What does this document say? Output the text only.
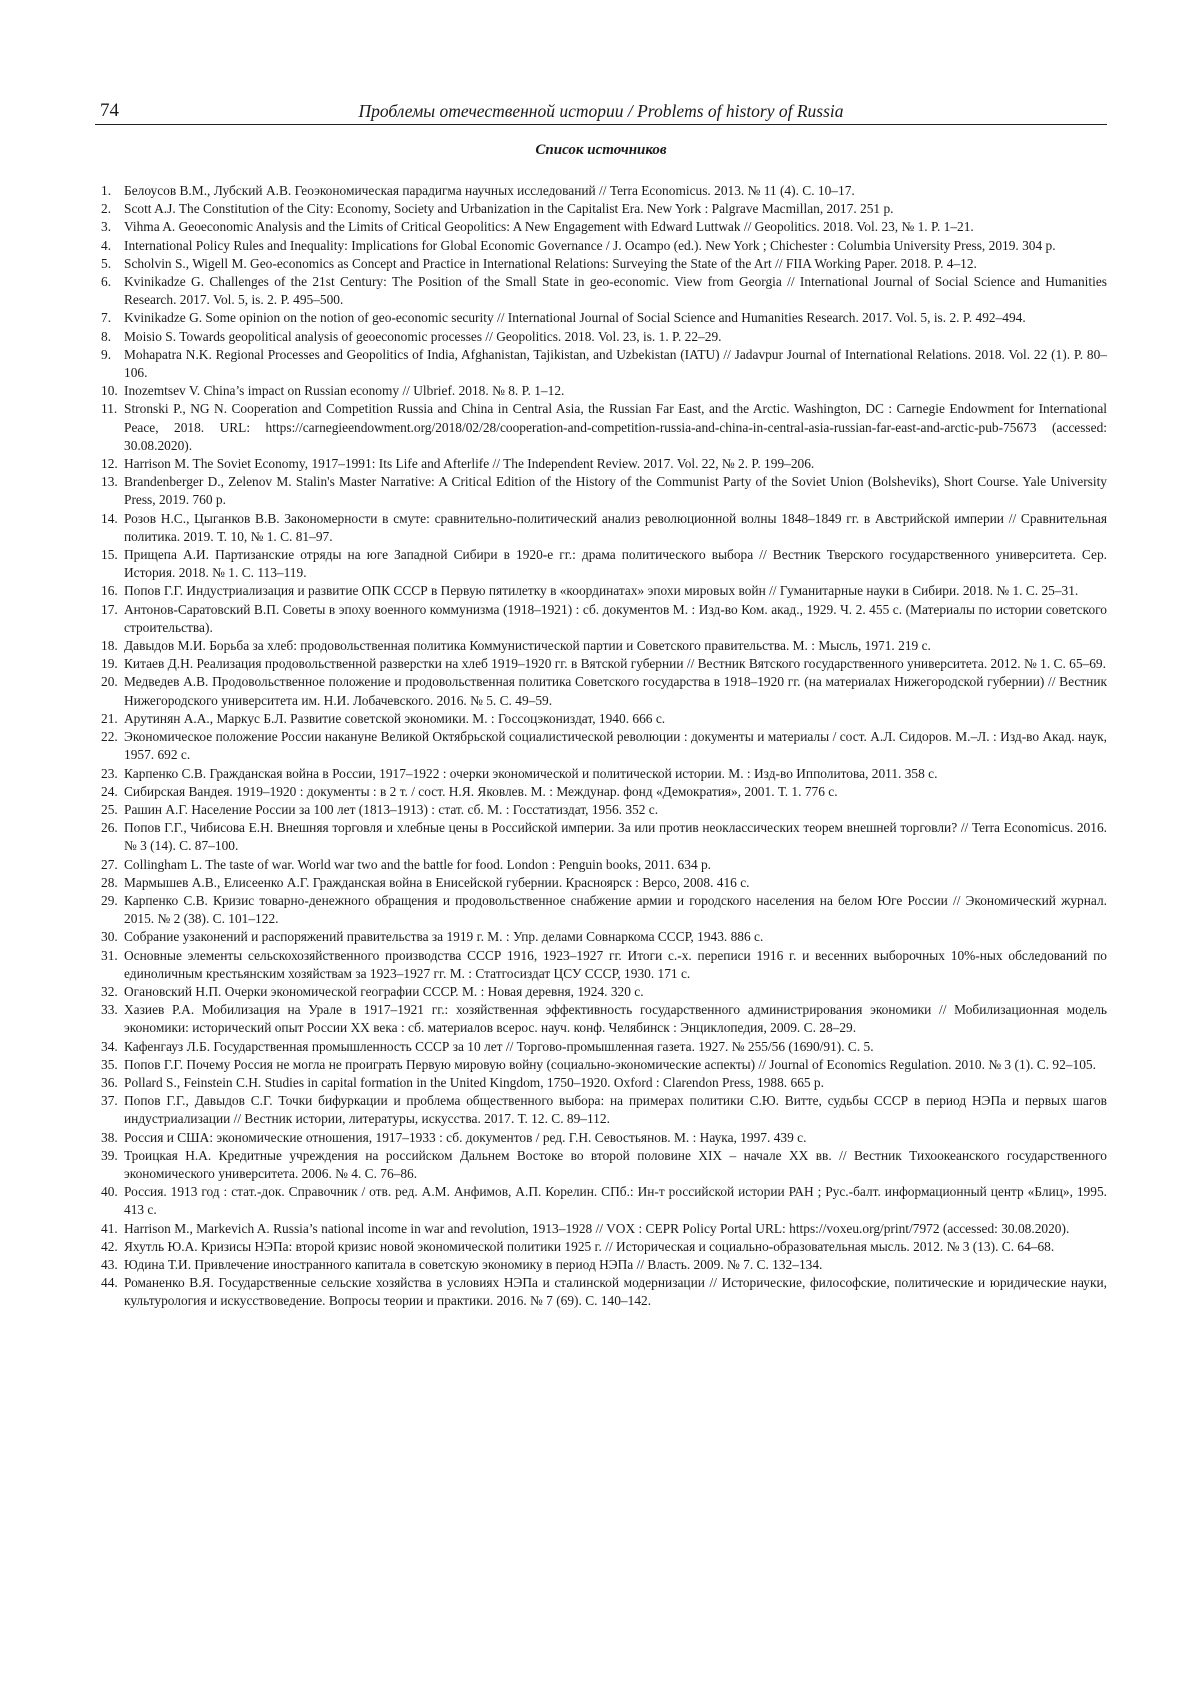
74	Проблемы отечественной истории / Problems of history of Russia
Список источников
1. Белоусов В.М., Лубский А.В. Геоэкономическая парадигма научных исследований // Terra Economicus. 2013. № 11 (4). С. 10–17.
2. Scott A.J. The Constitution of the City: Economy, Society and Urbanization in the Capitalist Era. New York : Palgrave Macmillan, 2017. 251 p.
3. Vihma A. Geoeconomic Analysis and the Limits of Critical Geopolitics: A New Engagement with Edward Luttwak // Geopolitics. 2018. Vol. 23, № 1. P. 1–21.
4. International Policy Rules and Inequality: Implications for Global Economic Governance / J. Ocampo (ed.). New York ; Chichester : Columbia University Press, 2019. 304 p.
5. Scholvin S., Wigell M. Geo-economics as Concept and Practice in International Relations: Surveying the State of the Art // FIIA Working Paper. 2018. P. 4–12.
6. Kvinikadze G. Challenges of the 21st Century: The Position of the Small State in geo-economic. View from Georgia // International Journal of Social Science and Humanities Research. 2017. Vol. 5, is. 2. P. 495–500.
7. Kvinikadze G. Some opinion on the notion of geo-economic security // International Journal of Social Science and Humanities Research. 2017. Vol. 5, is. 2. P. 492–494.
8. Moisio S. Towards geopolitical analysis of geoeconomic processes // Geopolitics. 2018. Vol. 23, is. 1. P. 22–29.
9. Mohapatra N.K. Regional Processes and Geopolitics of India, Afghanistan, Tajikistan, and Uzbekistan (IATU) // Jadavpur Journal of International Relations. 2018. Vol. 22 (1). P. 80–106.
10. Inozemtsev V. China’s impact on Russian economy // Ulbrief. 2018. № 8. P. 1–12.
11. Stronski P., NG N. Cooperation and Competition Russia and China in Central Asia, the Russian Far East, and the Arctic. Washington, DC : Carnegie Endowment for International Peace, 2018. URL: https://carnegieendowment.org/2018/02/28/cooperation-and-competition-russia-and-china-in-central-asia-russian-far-east-and-arctic-pub-75673 (accessed: 30.08.2020).
12. Harrison M. The Soviet Economy, 1917–1991: Its Life and Afterlife // The Independent Review. 2017. Vol. 22, № 2. P. 199–206.
13. Brandenberger D., Zelenov M. Stalin's Master Narrative: A Critical Edition of the History of the Communist Party of the Soviet Union (Bolsheviks), Short Course. Yale University Press, 2019. 760 p.
14. Розов Н.С., Цыганков В.В. Закономерности в смуте: сравнительно-политический анализ революционной волны 1848–1849 гг. в Австрийской империи // Сравнительная политика. 2019. Т. 10, № 1. С. 81–97.
15. Прищепа А.И. Партизанские отряды на юге Западной Сибири в 1920-е гг.: драма политического выбора // Вестник Тверского государственного университета. Сер. История. 2018. № 1. С. 113–119.
16. Попов Г.Г. Индустриализация и развитие ОПК СССР в Первую пятилетку в «координатах» эпохи мировых войн // Гуманитарные науки в Сибири. 2018. № 1. С. 25–31.
17. Антонов-Саратовский В.П. Советы в эпоху военного коммунизма (1918–1921) : сб. документов М. : Изд-во Ком. акад., 1929. Ч. 2. 455 с. (Материалы по истории советского строительства).
18. Давыдов М.И. Борьба за хлеб: продовольственная политика Коммунистической партии и Советского правительства. М. : Мысль, 1971. 219 с.
19. Китаев Д.Н. Реализация продовольственной разверстки на хлеб 1919–1920 гг. в Вятской губернии // Вестник Вятского государственного университета. 2012. № 1. С. 65–69.
20. Медведев А.В. Продовольственное положение и продовольственная политика Советского государства в 1918–1920 гг. (на материалах Нижегородской губернии) // Вестник Нижегородского университета им. Н.И. Лобачевского. 2016. № 5. С. 49–59.
21. Арутинян А.А., Маркус Б.Л. Развитие советской экономики. М. : Госсоцэкониздат, 1940. 666 с.
22. Экономическое положение России накануне Великой Октябрьской социалистической революции : документы и материалы / сост. А.Л. Сидоров. М.–Л. : Изд-во Акад. наук, 1957. 692 с.
23. Карпенко С.В. Гражданская война в России, 1917–1922 : очерки экономической и политической истории. М. : Изд-во Ипполитова, 2011. 358 с.
24. Сибирская Вандея. 1919–1920 : документы : в 2 т. / сост. Н.Я. Яковлев. М. : Междунар. фонд «Демократия», 2001. Т. 1. 776 с.
25. Рашин А.Г. Население России за 100 лет (1813–1913) : стат. сб. М. : Госстатиздат, 1956. 352 с.
26. Попов Г.Г., Чибисова Е.Н. Внешняя торговля и хлебные цены в Российской империи. За или против неоклассических теорем внешней торговли? // Terra Economicus. 2016. № 3 (14). С. 87–100.
27. Collingham L. The taste of war. World war two and the battle for food. London : Penguin books, 2011. 634 p.
28. Мармышев А.В., Елисеенко А.Г. Гражданская война в Енисейской губернии. Красноярск : Версо, 2008. 416 с.
29. Карпенко С.В. Кризис товарно-денежного обращения и продовольственное снабжение армии и городского населения на белом Юге России // Экономический журнал. 2015. № 2 (38). С. 101–122.
30. Собрание узаконений и распоряжений правительства за 1919 г. М. : Упр. делами Совнаркома СССР, 1943. 886 с.
31. Основные элементы сельскохозяйственного производства СССР 1916, 1923–1927 гг. Итоги с.-х. переписи 1916 г. и весенних выборочных 10%-ных обследований по единоличным крестьянским хозяйствам за 1923–1927 гг. М. : Статгосиздат ЦСУ СССР, 1930. 171 с.
32. Огановский Н.П. Очерки экономической географии СССР. М. : Новая деревня, 1924. 320 с.
33. Хазиев Р.А. Мобилизация на Урале в 1917–1921 гг.: хозяйственная эффективность государственного администрирования экономики // Мобилизационная модель экономики: исторический опыт России ХХ века : сб. материалов всерос. науч. конф. Челябинск : Энциклопедия, 2009. С. 28–29.
34. Кафенгауз Л.Б. Государственная промышленность СССР за 10 лет // Торгово-промышленная газета. 1927. № 255/56 (1690/91). С. 5.
35. Попов Г.Г. Почему Россия не могла не проиграть Первую мировую войну (социально-экономические аспекты) // Journal of Economics Regulation. 2010. № 3 (1). С. 92–105.
36. Pollard S., Feinstein C.H. Studies in capital formation in the United Kingdom, 1750–1920. Oxford : Clarendon Press, 1988. 665 p.
37. Попов Г.Г., Давыдов С.Г. Точки бифуркации и проблема общественного выбора: на примерах политики С.Ю. Витте, судьбы СССР в период НЭПа и первых шагов индустриализации // Вестник истории, литературы, искусства. 2017. Т. 12. С. 89–112.
38. Россия и США: экономические отношения, 1917–1933 : сб. документов / ред. Г.Н. Севостьянов. М. : Наука, 1997. 439 с.
39. Троицкая Н.А. Кредитные учреждения на российском Дальнем Востоке во второй половине XIX – начале XX вв. // Вестник Тихоокеанского государственного экономического университета. 2006. № 4. С. 76–86.
40. Россия. 1913 год : стат.-док. Справочник / отв. ред. А.М. Анфимов, А.П. Корелин. СПб.: Ин-т российской истории РАН ; Рус.-балт. информационный центр «Блиц», 1995. 413 с.
41. Harrison M., Markevich A. Russia’s national income in war and revolution, 1913–1928 // VOX : CEPR Policy Portal URL: https://voxeu.org/print/7972 (accessed: 30.08.2020).
42. Яхутль Ю.А. Кризисы НЭПа: второй кризис новой экономической политики 1925 г. // Историческая и социально-образовательная мысль. 2012. № 3 (13). С. 64–68.
43. Юдина Т.И. Привлечение иностранного капитала в советскую экономику в период НЭПа // Власть. 2009. № 7. С. 132–134.
44. Романенко В.Я. Государственные сельские хозяйства в условиях НЭПа и сталинской модернизации // Исторические, философские, политические и юридические науки, культурология и искусствоведение. Вопросы теории и практики. 2016. № 7 (69). С. 140–142.
